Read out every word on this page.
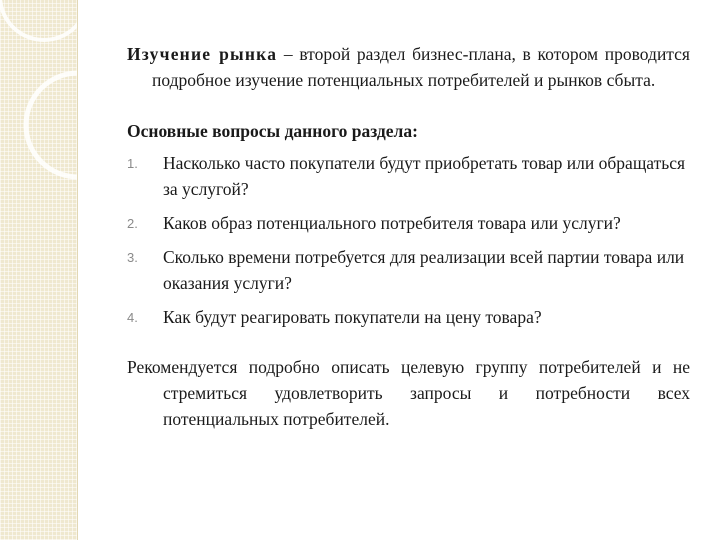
Изучение рынка – второй раздел бизнес-плана, в котором проводится подробное изучение потенциальных потребителей и рынков сбыта.

Основные вопросы данного раздела:

1. Насколько часто покупатели будут приобретать товар или обращаться за услугой?
2. Каков образ потенциального потребителя товара или услуги?
3. Сколько времени потребуется для реализации всей партии товара или оказания услуги?
4. Как будут реагировать покупатели на цену товара?

Рекомендуется подробно описать целевую группу потребителей и не стремиться удовлетворить запросы и потребности всех потенциальных потребителей.
